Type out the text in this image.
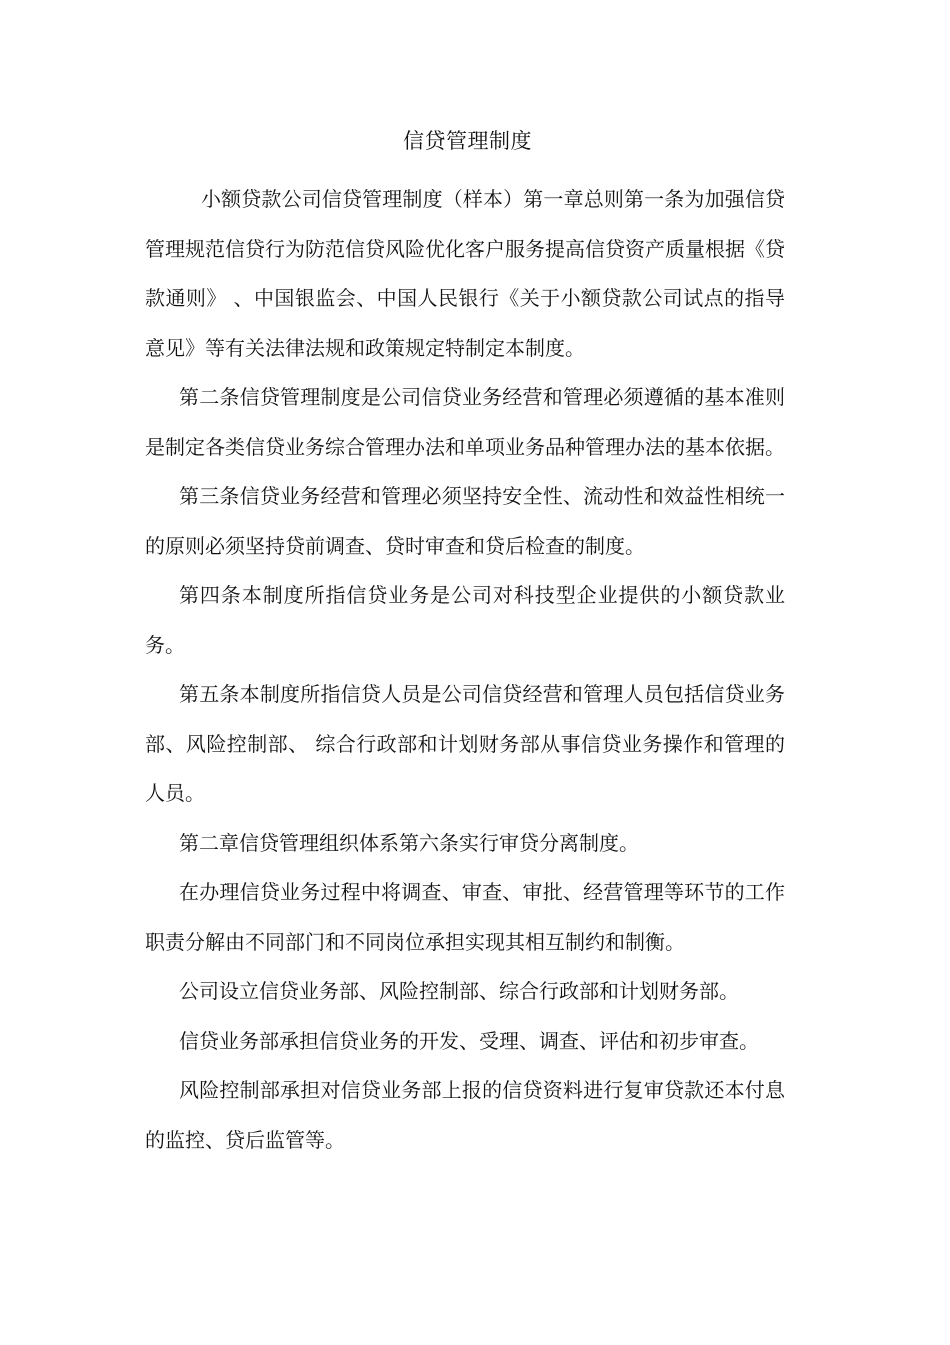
信贷管理制度

小额贷款公司信贷管理制度（样本）第一章总则第一条为加强信贷管理规范信贷行为防范信贷风险优化客户服务提高信贷资产质量根据《贷款通则》 、中国银监会、中国人民银行《关于小额贷款公司试点的指导意见》等有关法律法规和政策规定特制定本制度。

第二条信贷管理制度是公司信贷业务经营和管理必须遵循的基本准则是制定各类信贷业务综合管理办法和单项业务品种管理办法的基本依据。

第三条信贷业务经营和管理必须坚持安全性、流动性和效益性相统一的原则必须坚持贷前调查、贷时审查和贷后检查的制度。

第四条本制度所指信贷业务是公司对科技型企业提供的小额贷款业务。

第五条本制度所指信贷人员是公司信贷经营和管理人员包括信贷业务部、风险控制部、 综合行政部和计划财务部从事信贷业务操作和管理的人员。

第二章信贷管理组织体系第六条实行审贷分离制度。

在办理信贷业务过程中将调查、审查、审批、经营管理等环节的工作职责分解由不同部门和不同岗位承担实现其相互制约和制衡。

公司设立信贷业务部、风险控制部、综合行政部和计划财务部。

信贷业务部承担信贷业务的开发、受理、调查、评估和初步审查。

风险控制部承担对信贷业务部上报的信贷资料进行复审贷款还本付息的监控、贷后监管等。
